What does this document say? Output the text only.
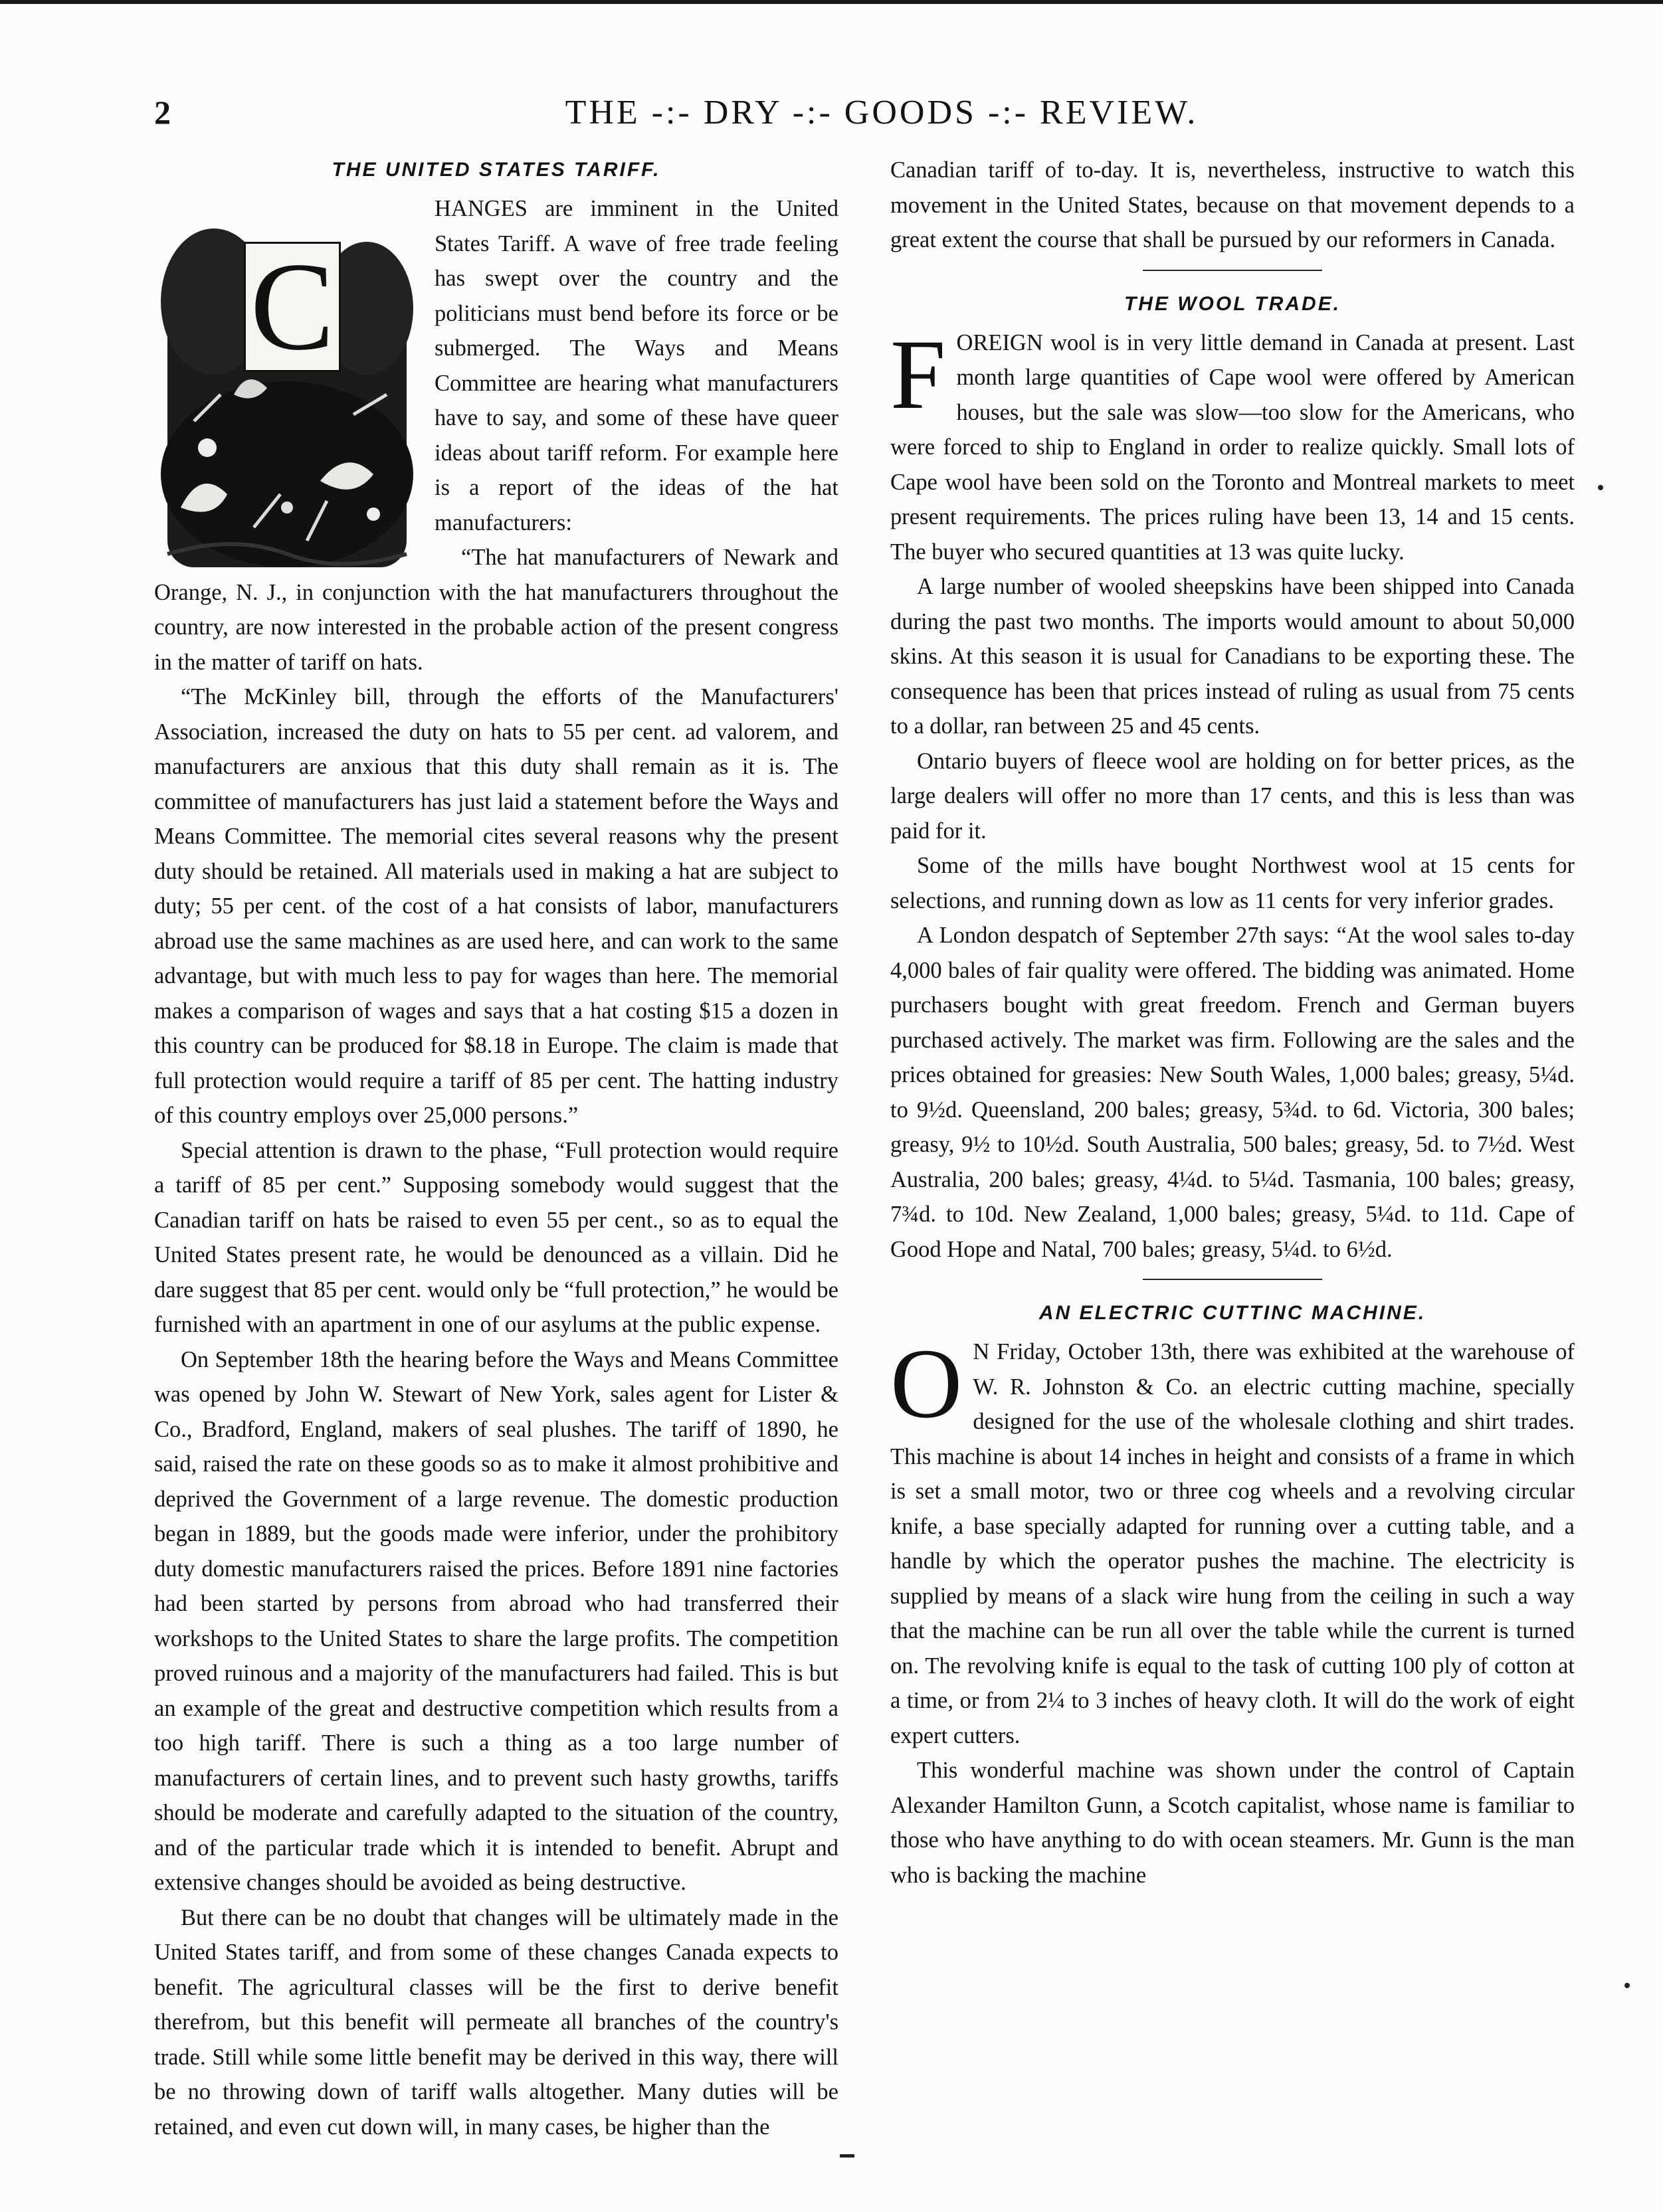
2	THE -:- DRY -:- GOODS -:- REVIEW.
THE UNITED STATES TARIFF.
C

HANGES are imminent in the United States Tariff. A wave of free trade feeling has swept over the country and the politicians must bend before its force or be submerged. The Ways and Means Committee are hearing what manufacturers have to say, and some of these have queer ideas about tariff reform. For example here is a report of the ideas of the hat manufacturers:

“The hat manufacturers of Newark and Orange, N. J., in conjunction with the hat manufacturers throughout the country, are now interested in the probable action of the present congress in the matter of tariff on hats.

“The McKinley bill, through the efforts of the Manufacturers' Association, increased the duty on hats to 55 per cent. ad valorem, and manufacturers are anxious that this duty shall remain as it is. The committee of manufacturers has just laid a statement before the Ways and Means Committee. The memorial cites several reasons why the present duty should be retained. All materials used in making a hat are subject to duty; 55 per cent. of the cost of a hat consists of labor, manufacturers abroad use the same machines as are used here, and can work to the same advantage, but with much less to pay for wages than here. The memorial makes a comparison of wages and says that a hat costing $15 a dozen in this country can be produced for $8.18 in Europe. The claim is made that full protection would require a tariff of 85 per cent. The hatting industry of this country employs over 25,000 persons.”

Special attention is drawn to the phase, “Full protection would require a tariff of 85 per cent.” Supposing somebody would suggest that the Canadian tariff on hats be raised to even 55 per cent., so as to equal the United States present rate, he would be denounced as a villain. Did he dare suggest that 85 per cent. would only be “full protection,” he would be furnished with an apartment in one of our asylums at the public expense.

On September 18th the hearing before the Ways and Means Committee was opened by John W. Stewart of New York, sales agent for Lister & Co., Bradford, England, makers of seal plushes. The tariff of 1890, he said, raised the rate on these goods so as to make it almost prohibitive and deprived the Government of a large revenue. The domestic production began in 1889, but the goods made were inferior, under the prohibitory duty domestic manufacturers raised the prices. Before 1891 nine factories had been started by persons from abroad who had transferred their workshops to the United States to share the large profits. The competition proved ruinous and a majority of the manufacturers had failed. This is but an example of the great and destructive competition which results from a too high tariff. There is such a thing as a too large number of manufacturers of certain lines, and to prevent such hasty growths, tariffs should be moderate and carefully adapted to the situation of the country, and of the particular trade which it is intended to benefit. Abrupt and extensive changes should be avoided as being destructive.

But there can be no doubt that changes will be ultimately made in the United States tariff, and from some of these changes Canada expects to benefit. The agricultural classes will be the first to derive benefit therefrom, but this benefit will permeate all branches of the country's trade. Still while some little benefit may be derived in this way, there will be no throwing down of tariff walls altogether. Many duties will be retained, and even cut down will, in many cases, be higher than the

Canadian tariff of to-day. It is, nevertheless, instructive to watch this movement in the United States, because on that movement depends to a great extent the course that shall be pursued by our reformers in Canada.

THE WOOL TRADE.
F OREIGN wool is in very little demand in Canada at present. Last month large quantities of Cape wool were offered by American houses, but the sale was slow—too slow for the Americans, who were forced to ship to England in order to realize quickly. Small lots of Cape wool have been sold on the Toronto and Montreal markets to meet present requirements. The prices ruling have been 13, 14 and 15 cents. The buyer who secured quantities at 13 was quite lucky.

A large number of wooled sheepskins have been shipped into Canada during the past two months. The imports would amount to about 50,000 skins. At this season it is usual for Canadians to be exporting these. The consequence has been that prices instead of ruling as usual from 75 cents to a dollar, ran between 25 and 45 cents.

Ontario buyers of fleece wool are holding on for better prices, as the large dealers will offer no more than 17 cents, and this is less than was paid for it.

Some of the mills have bought Northwest wool at 15 cents for selections, and running down as low as 11 cents for very inferior grades.

A London despatch of September 27th says: “At the wool sales to-day 4,000 bales of fair quality were offered. The bidding was animated. Home purchasers bought with great freedom. French and German buyers purchased actively. The market was firm. Following are the sales and the prices obtained for greasies: New South Wales, 1,000 bales; greasy, 5¼d. to 9½d. Queensland, 200 bales; greasy, 5¾d. to 6d. Victoria, 300 bales; greasy, 9½ to 10½d. South Australia, 500 bales; greasy, 5d. to 7½d. West Australia, 200 bales; greasy, 4¼d. to 5¼d. Tasmania, 100 bales; greasy, 7¾d. to 10d. New Zealand, 1,000 bales; greasy, 5¼d. to 11d. Cape of Good Hope and Natal, 700 bales; greasy, 5¼d. to 6½d.

AN ELECTRIC CUTTINC MACHINE.
O N Friday, October 13th, there was exhibited at the warehouse of W. R. Johnston & Co. an electric cutting machine, specially designed for the use of the wholesale clothing and shirt trades. This machine is about 14 inches in height and consists of a frame in which is set a small motor, two or three cog wheels and a revolving circular knife, a base specially adapted for running over a cutting table, and a handle by which the operator pushes the machine. The electricity is supplied by means of a slack wire hung from the ceiling in such a way that the machine can be run all over the table while the current is turned on. The revolving knife is equal to the task of cutting 100 ply of cotton at a time, or from 2¼ to 3 inches of heavy cloth. It will do the work of eight expert cutters.

This wonderful machine was shown under the control of Captain Alexander Hamilton Gunn, a Scotch capitalist, whose name is familiar to those who have anything to do with ocean steamers. Mr. Gunn is the man who is backing the machine
